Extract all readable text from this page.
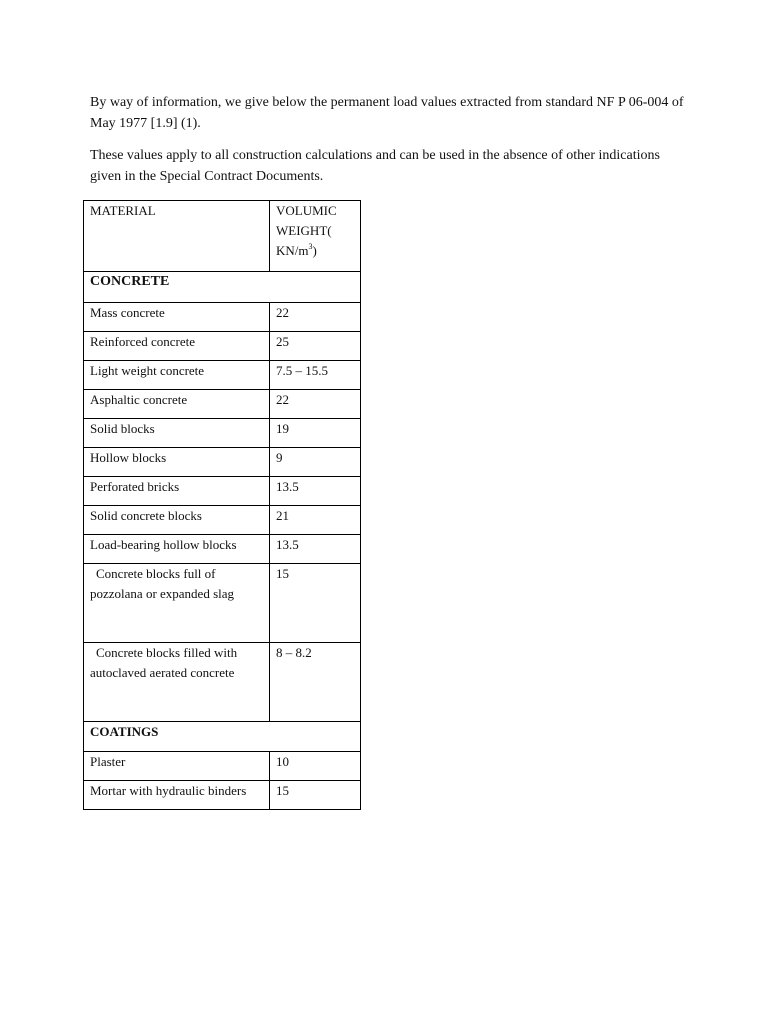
By way of information, we give below the permanent load values extracted from standard NF P 06-004 of May 1977 [1.9] (1).

These values apply to all construction calculations and can be used in the absence of other indications given in the Special Contract Documents.

MATERIAL	VOLUMIC WEIGHT( $KN/m^3$)
CONCRETE	
Mass concrete	22
Reinforced concrete	25
Light weight concrete	7.5 – 15.5
Asphaltic concrete	22
Solid blocks	19
Hollow blocks	9
Perforated bricks	13.5
Solid concrete blocks	21
Load-bearing hollow blocks	13.5
Concrete blocks full of pozzolana or expanded slag	15
Concrete blocks filled with autoclaved aerated concrete	8 – 8.2
COATINGS	
Plaster	10
Mortar with hydraulic binders	15
